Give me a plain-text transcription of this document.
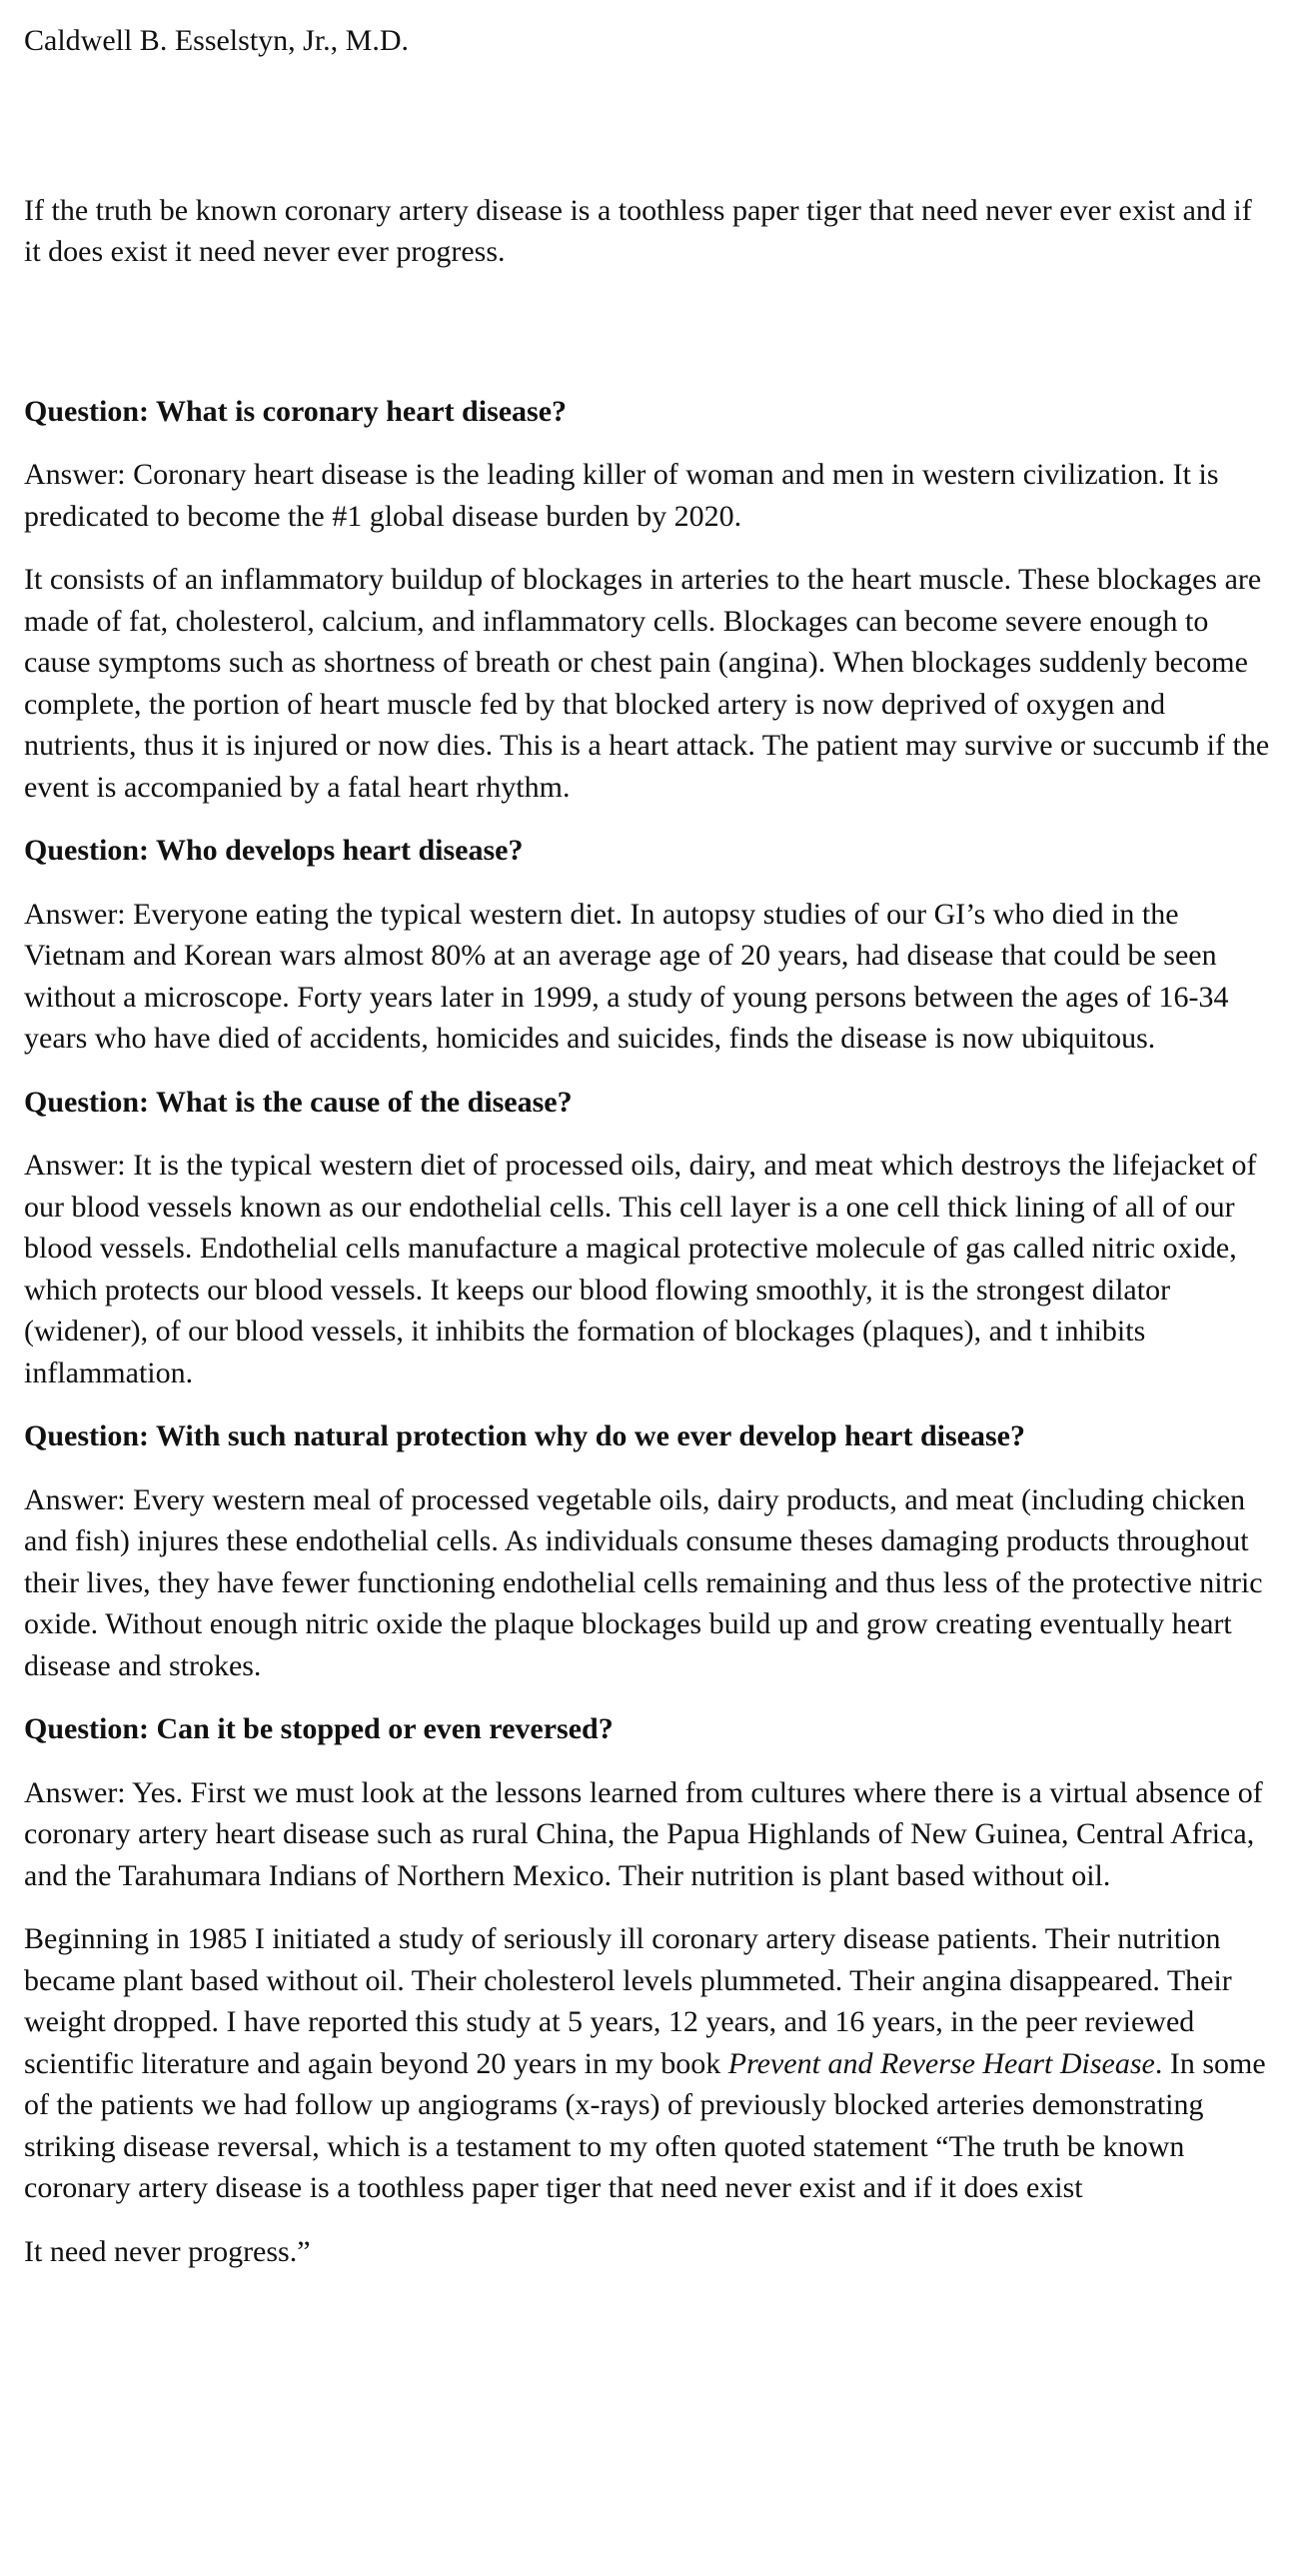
Caldwell B. Esselstyn, Jr., M.D.

If the truth be known coronary artery disease is a toothless paper tiger that need never ever exist and if it does exist it need never ever progress.

Question: What is coronary heart disease?

Answer: Coronary heart disease is the leading killer of woman and men in western civilization. It is predicated to become the #1 global disease burden by 2020.

It consists of an inflammatory buildup of blockages in arteries to the heart muscle. These blockages are made of fat, cholesterol, calcium, and inflammatory cells. Blockages can become severe enough to cause symptoms such as shortness of breath or chest pain (angina). When blockages suddenly become complete, the portion of heart muscle fed by that blocked artery is now deprived of oxygen and nutrients, thus it is injured or now dies. This is a heart attack. The patient may survive or succumb if the event is accompanied by a fatal heart rhythm.

Question: Who develops heart disease?

Answer: Everyone eating the typical western diet. In autopsy studies of our GI’s who died in the Vietnam and Korean wars almost 80% at an average age of 20 years, had disease that could be seen without a microscope. Forty years later in 1999, a study of young persons between the ages of 16-34 years who have died of accidents, homicides and suicides, finds the disease is now ubiquitous.

Question: What is the cause of the disease?

Answer: It is the typical western diet of processed oils, dairy, and meat which destroys the lifejacket of our blood vessels known as our endothelial cells. This cell layer is a one cell thick lining of all of our blood vessels. Endothelial cells manufacture a magical protective molecule of gas called nitric oxide, which protects our blood vessels. It keeps our blood flowing smoothly, it is the strongest dilator (widener), of our blood vessels, it inhibits the formation of blockages (plaques), and t inhibits inflammation.

Question: With such natural protection why do we ever develop heart disease?

Answer: Every western meal of processed vegetable oils, dairy products, and meat (including chicken and fish) injures these endothelial cells. As individuals consume theses damaging products throughout their lives, they have fewer functioning endothelial cells remaining and thus less of the protective nitric oxide. Without enough nitric oxide the plaque blockages build up and grow creating eventually heart disease and strokes.

Question: Can it be stopped or even reversed?

Answer: Yes. First we must look at the lessons learned from cultures where there is a virtual absence of coronary artery heart disease such as rural China, the Papua Highlands of New Guinea, Central Africa, and the Tarahumara Indians of Northern Mexico. Their nutrition is plant based without oil.

Beginning in 1985 I initiated a study of seriously ill coronary artery disease patients. Their nutrition became plant based without oil. Their cholesterol levels plummeted. Their angina disappeared. Their weight dropped. I have reported this study at 5 years, 12 years, and 16 years, in the peer reviewed scientific literature and again beyond 20 years in my book Prevent and Reverse Heart Disease. In some of the patients we had follow up angiograms (x-rays) of previously blocked arteries demonstrating striking disease reversal, which is a testament to my often quoted statement “The truth be known coronary artery disease is a toothless paper tiger that need never exist and if it does exist

It need never progress.”
